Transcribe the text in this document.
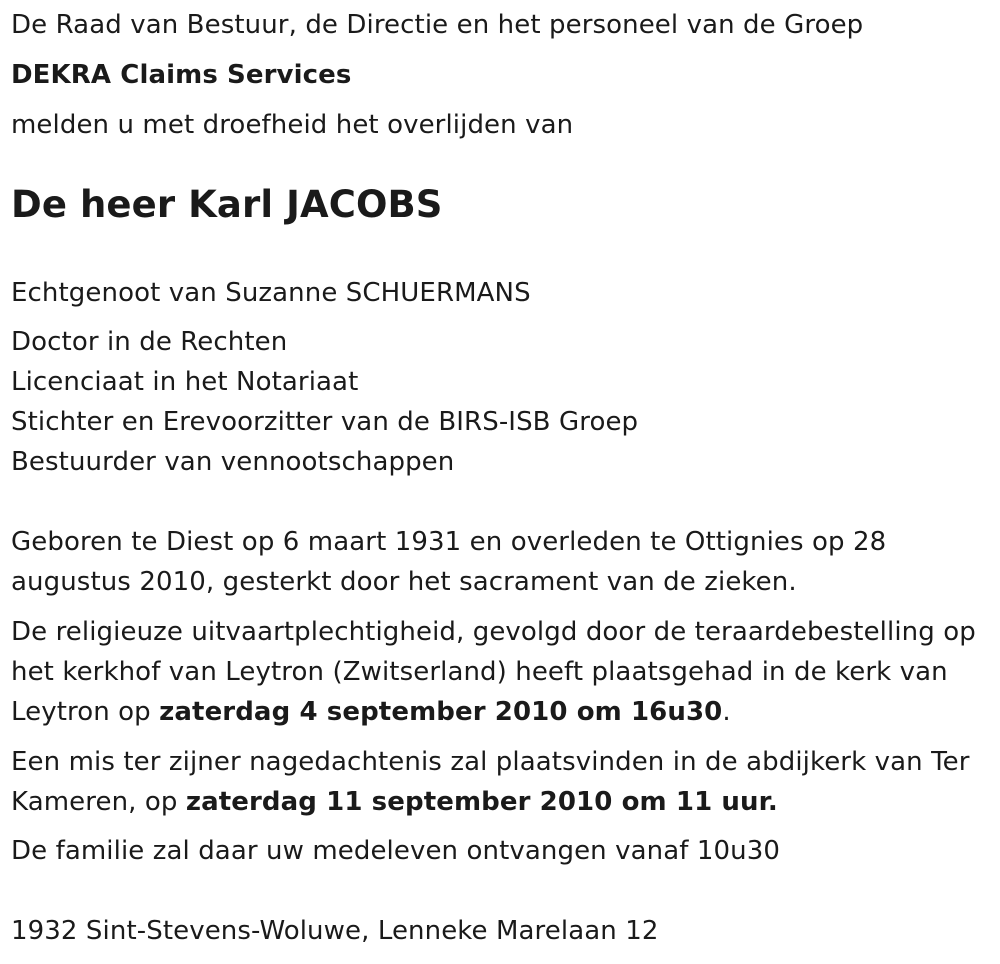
De Raad van Bestuur, de Directie en het personeel van de Groep
DEKRA Claims Services
melden u met droefheid het overlijden van
De heer Karl JACOBS
Echtgenoot van Suzanne SCHUERMANS
Doctor in de Rechten
Licenciaat in het Notariaat
Stichter en Erevoorzitter van de BIRS-ISB Groep
Bestuurder van vennootschappen
Geboren te Diest op 6 maart 1931 en overleden te Ottignies op 28
augustus 2010, gesterkt door het sacrament van de zieken.
De religieuze uitvaartplechtigheid, gevolgd door de teraardebestelling op
het kerkhof van Leytron (Zwitserland) heeft plaatsgehad in de kerk van
Leytron op zaterdag 4 september 2010 om 16u30.
Een mis ter zijner nagedachtenis zal plaatsvinden in de abdijkerk van Ter
Kameren, op zaterdag 11 september 2010 om 11 uur.
De familie zal daar uw medeleven ontvangen vanaf 10u30
1932 Sint-Stevens-Woluwe, Lenneke Marelaan 12
